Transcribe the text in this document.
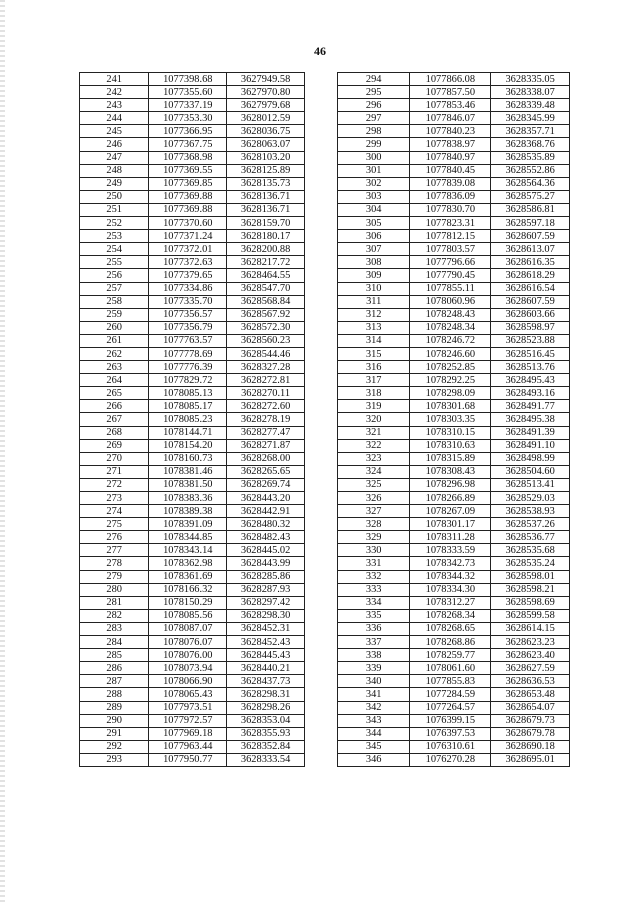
46
241	1077398.68	3627949.58
242	1077355.60	3627970.80
243	1077337.19	3627979.68
244	1077353.30	3628012.59
245	1077366.95	3628036.75
246	1077367.75	3628063.07
247	1077368.98	3628103.20
248	1077369.55	3628125.89
249	1077369.85	3628135.73
250	1077369.88	3628136.71
251	1077369.88	3628136.71
252	1077370.60	3628159.70
253	1077371.24	3628180.17
254	1077372.01	3628200.88
255	1077372.63	3628217.72
256	1077379.65	3628464.55
257	1077334.86	3628547.70
258	1077335.70	3628568.84
259	1077356.57	3628567.92
260	1077356.79	3628572.30
261	1077763.57	3628560.23
262	1077778.69	3628544.46
263	1077776.39	3628327.28
264	1077829.72	3628272.81
265	1078085.13	3628270.11
266	1078085.17	3628272.60
267	1078085.23	3628278.19
268	1078144.71	3628277.47
269	1078154.20	3628271.87
270	1078160.73	3628268.00
271	1078381.46	3628265.65
272	1078381.50	3628269.74
273	1078383.36	3628443.20
274	1078389.38	3628442.91
275	1078391.09	3628480.32
276	1078344.85	3628482.43
277	1078343.14	3628445.02
278	1078362.98	3628443.99
279	1078361.69	3628285.86
280	1078166.32	3628287.93
281	1078150.29	3628297.42
282	1078085.56	3628298.30
283	1078087.07	3628452.31
284	1078076.07	3628452.43
285	1078076.00	3628445.43
286	1078073.94	3628440.21
287	1078066.90	3628437.73
288	1078065.43	3628298.31
289	1077973.51	3628298.26
290	1077972.57	3628353.04
291	1077969.18	3628355.93
292	1077963.44	3628352.84
293	1077950.77	3628333.54
294	1077866.08	3628335.05
295	1077857.50	3628338.07
296	1077853.46	3628339.48
297	1077846.07	3628345.99
298	1077840.23	3628357.71
299	1077838.97	3628368.76
300	1077840.97	3628535.89
301	1077840.45	3628552.86
302	1077839.08	3628564.36
303	1077836.09	3628575.27
304	1077830.70	3628586.81
305	1077823.31	3628597.18
306	1077812.15	3628607.59
307	1077803.57	3628613.07
308	1077796.66	3628616.35
309	1077790.45	3628618.29
310	1077855.11	3628616.54
311	1078060.96	3628607.59
312	1078248.43	3628603.66
313	1078248.34	3628598.97
314	1078246.72	3628523.88
315	1078246.60	3628516.45
316	1078252.85	3628513.76
317	1078292.25	3628495.43
318	1078298.09	3628493.16
319	1078301.68	3628491.77
320	1078303.35	3628495.38
321	1078310.15	3628491.39
322	1078310.63	3628491.10
323	1078315.89	3628498.99
324	1078308.43	3628504.60
325	1078296.98	3628513.41
326	1078266.89	3628529.03
327	1078267.09	3628538.93
328	1078301.17	3628537.26
329	1078311.28	3628536.77
330	1078333.59	3628535.68
331	1078342.73	3628535.24
332	1078344.32	3628598.01
333	1078334.30	3628598.21
334	1078312.27	3628598.69
335	1078268.34	3628599.58
336	1078268.65	3628614.15
337	1078268.86	3628623.23
338	1078259.77	3628623.40
339	1078061.60	3628627.59
340	1077855.83	3628636.53
341	1077284.59	3628653.48
342	1077264.57	3628654.07
343	1076399.15	3628679.73
344	1076397.53	3628679.78
345	1076310.61	3628690.18
346	1076270.28	3628695.01
